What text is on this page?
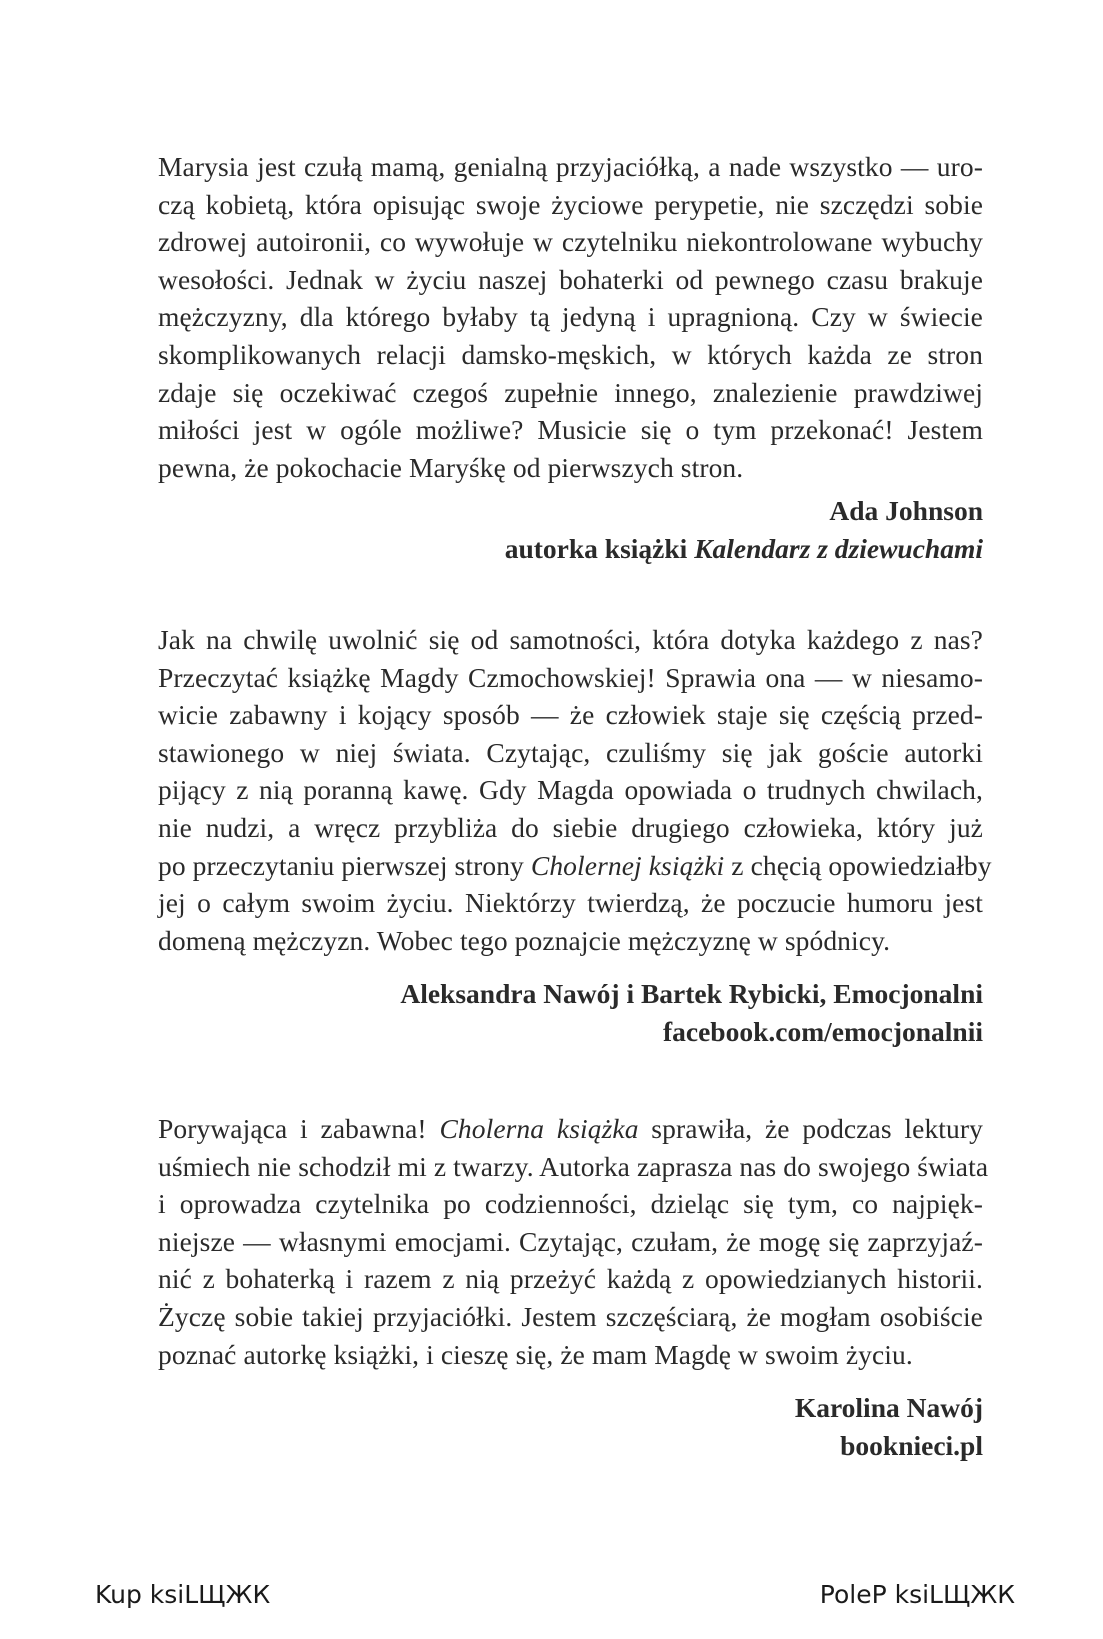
Marysia jest czułą mamą, genialną przyjaciółką, a nade wszystko — uro-
czą kobietą, która opisując swoje życiowe perypetie, nie szczędzi sobie
zdrowej autoironii, co wywołuje w czytelniku niekontrolowane wybuchy
wesołości. Jednak w życiu naszej bohaterki od pewnego czasu brakuje
mężczyzny, dla którego byłaby tą jedyną i upragnioną. Czy w świecie
skomplikowanych relacji damsko-męskich, w których każda ze stron
zdaje się oczekiwać czegoś zupełnie innego, znalezienie prawdziwej
miłości jest w ogóle możliwe? Musicie się o tym przekonać! Jestem
pewna, że pokochacie Maryśkę od pierwszych stron.

Ada Johnson
autorka książki Kalendarz z dziewuchami

Jak na chwilę uwolnić się od samotności, która dotyka każdego z nas?
Przeczytać książkę Magdy Czmochowskiej! Sprawia ona — w niesamo-
wicie zabawny i kojący sposób — że człowiek staje się częścią przed-
stawionego w niej świata. Czytając, czuliśmy się jak goście autorki
pijący z nią poranną kawę. Gdy Magda opowiada o trudnych chwilach,
nie nudzi, a wręcz przybliża do siebie drugiego człowieka, który już
po przeczytaniu pierwszej strony Cholernej książki z chęcią opowiedziałby
jej o całym swoim życiu. Niektórzy twierdzą, że poczucie humoru jest
domeną mężczyzn. Wobec tego poznajcie mężczyznę w spódnicy.

Aleksandra Nawój i Bartek Rybicki, Emocjonalni
facebook.com/emocjonalnii

Porywająca i zabawna! Cholerna książka sprawiła, że podczas lektury
uśmiech nie schodził mi z twarzy. Autorka zaprasza nas do swojego świata
i oprowadza czytelnika po codzienności, dzieląc się tym, co najpięk-
niejsze — własnymi emocjami. Czytając, czułam, że mogę się zaprzyjaź-
nić z bohaterką i razem z nią przeżyć każdą z opowiedzianych historii.
Życzę sobie takiej przyjaciółki. Jestem szczęściarą, że mogłam osobiście
poznać autorkę książki, i cieszę się, że mam Magdę w swoim życiu.

Karolina Nawój
booknieci.pl
Kup ksiLЩЖК	PoleP ksiLЩЖК
